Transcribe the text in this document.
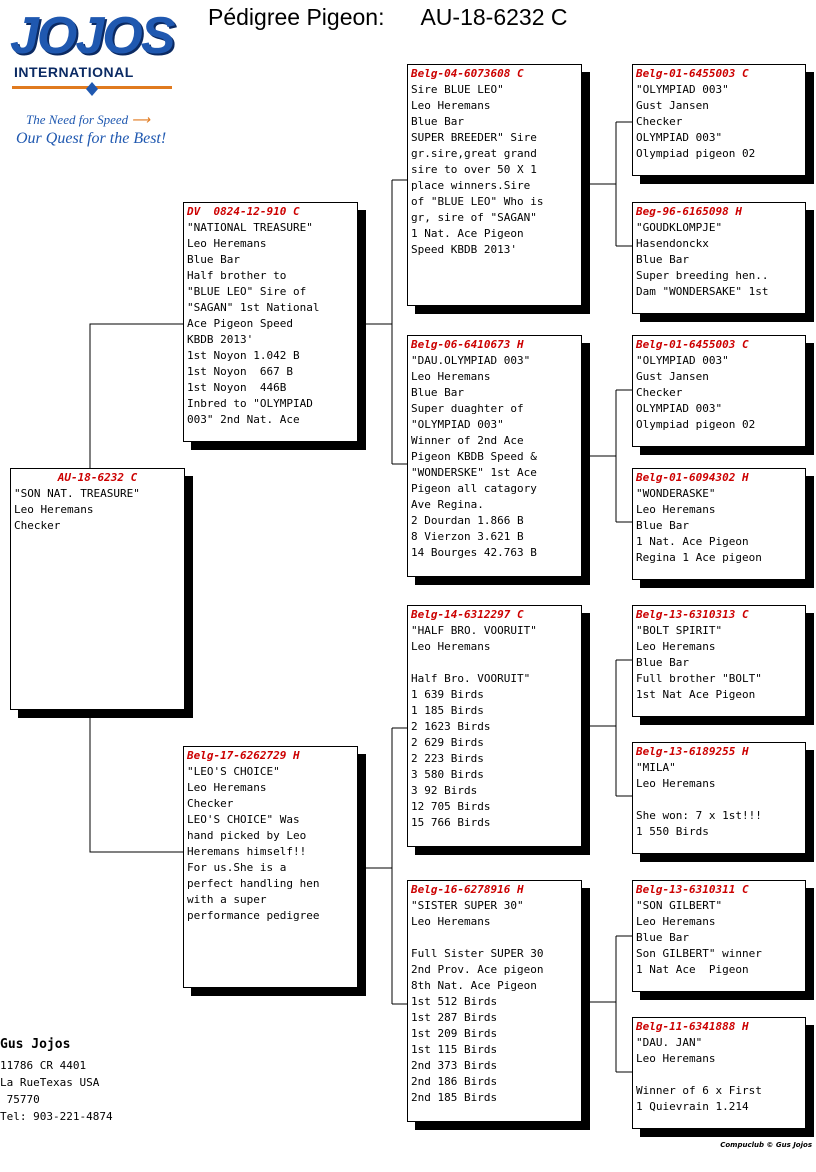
Pédigree Pigeon: AU-18-6232 C
JOJOS
INTERNATIONAL
The Need for Speed ⟶
Our Quest for the Best!
AU-18-6232 C
"SON NAT. TREASURE"
Leo Heremans
Checker
DV  0824-12-910 C
"NATIONAL TREASURE"
Leo Heremans
Blue Bar
Half brother to
"BLUE LEO" Sire of
"SAGAN" 1st National
Ace Pigeon Speed
KBDB 2013'
1st Noyon 1.042 B
1st Noyon  667 B
1st Noyon  446B
Inbred to "OLYMPIAD
003" 2nd Nat. Ace
Belg-17-6262729 H
"LEO'S CHOICE"
Leo Heremans
Checker
LEO'S CHOICE" Was
hand picked by Leo
Heremans himself!!
For us.She is a
perfect handling hen
with a super
performance pedigree
Belg-04-6073608 C
Sire BLUE LEO"
Leo Heremans
Blue Bar
SUPER BREEDER" Sire
gr.sire,great grand
sire to over 50 X 1
place winners.Sire
of "BLUE LEO" Who is
gr, sire of "SAGAN"
1 Nat. Ace Pigeon
Speed KBDB 2013'
Belg-06-6410673 H
"DAU.OLYMPIAD 003"
Leo Heremans
Blue Bar
Super duaghter of
"OLYMPIAD 003"
Winner of 2nd Ace
Pigeon KBDB Speed &
"WONDERSKE" 1st Ace
Pigeon all catagory
Ave Regina.
2 Dourdan 1.866 B
8 Vierzon 3.621 B
14 Bourges 42.763 B
Belg-14-6312297 C
"HALF BRO. VOORUIT"
Leo Heremans
Half Bro. VOORUIT"
1 639 Birds
1 185 Birds
2 1623 Birds
2 629 Birds
2 223 Birds
3 580 Birds
3 92 Birds
12 705 Birds
15 766 Birds
Belg-16-6278916 H
"SISTER SUPER 30"
Leo Heremans
Full Sister SUPER 30
2nd Prov. Ace pigeon
8th Nat. Ace Pigeon
1st 512 Birds
1st 287 Birds
1st 209 Birds
1st 115 Birds
2nd 373 Birds
2nd 186 Birds
2nd 185 Birds
Belg-01-6455003 C
"OLYMPIAD 003"
Gust Jansen
Checker
OLYMPIAD 003"
Olympiad pigeon 02
Beg-96-6165098 H
"GOUDKLOMPJE"
Hasendonckx
Blue Bar
Super breeding hen..
Dam "WONDERSAKE" 1st
Belg-01-6455003 C
"OLYMPIAD 003"
Gust Jansen
Checker
OLYMPIAD 003"
Olympiad pigeon 02
Belg-01-6094302 H
"WONDERASKE"
Leo Heremans
Blue Bar
1 Nat. Ace Pigeon
Regina 1 Ace pigeon
Belg-13-6310313 C
"BOLT SPIRIT"
Leo Heremans
Blue Bar
Full brother "BOLT"
1st Nat Ace Pigeon
Belg-13-6189255 H
"MILA"
Leo Heremans
She won: 7 x 1st!!!
1 550 Birds
Belg-13-6310311 C
"SON GILBERT"
Leo Heremans
Blue Bar
Son GILBERT" winner
1 Nat Ace  Pigeon
Belg-11-6341888 H
"DAU. JAN"
Leo Heremans
Winner of 6 x First
1 Quievrain 1.214
Gus Jojos
11786 CR 4401
La RueTexas USA
75770
Tel: 903-221-4874
Compuclub © Gus Jojos
